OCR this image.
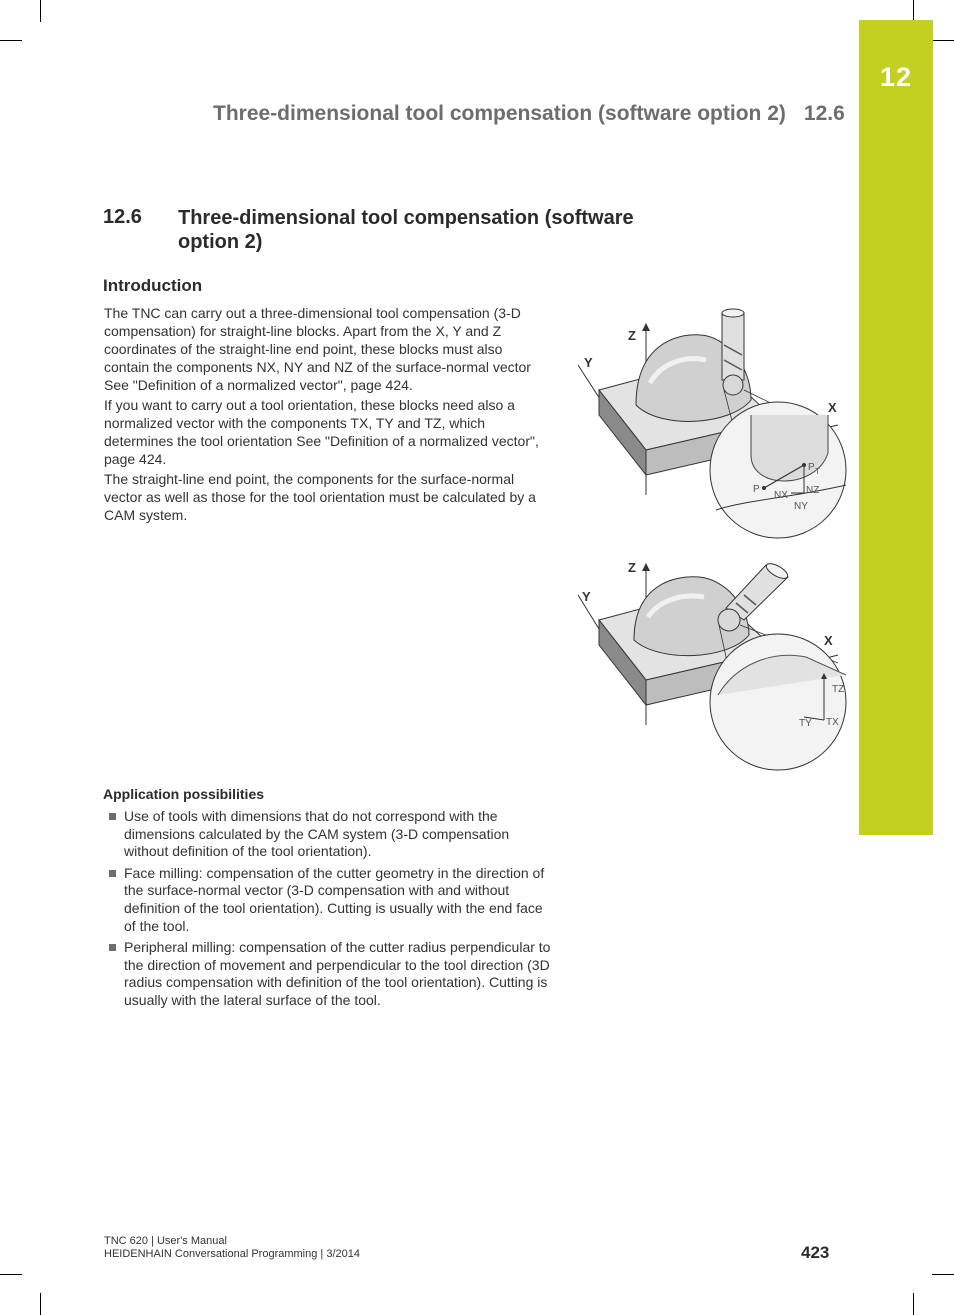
12
Three-dimensional tool compensation (software option 2) 12.6
12.6 Three-dimensional tool compensation (software option 2)
Introduction
The TNC can carry out a three-dimensional tool compensation (3-D compensation) for straight-line blocks. Apart from the X, Y and Z coordinates of the straight-line end point, these blocks must also contain the components NX, NY and NZ of the surface-normal vector See "Definition of a normalized vector", page 424.
If you want to carry out a tool orientation, these blocks need also a normalized vector with the components TX, TY and TZ, which determines the tool orientation See "Definition of a normalized vector", page 424.
The straight-line end point, the components for the surface-normal vector as well as those for the tool orientation must be calculated by a CAM system.
Z
Y
X
P
P T
NX NZ
NY
Z
Y
X
TZ
TY TX
Application possibilities
Use of tools with dimensions that do not correspond with the dimensions calculated by the CAM system (3-D compensation without definition of the tool orientation).
Face milling: compensation of the cutter geometry in the direction of the surface-normal vector (3-D compensation with and without definition of the tool orientation). Cutting is usually with the end face of the tool.
Peripheral milling: compensation of the cutter radius perpendicular to the direction of movement and perpendicular to the tool direction (3D radius compensation with definition of the tool orientation). Cutting is usually with the lateral surface of the tool.
TNC 620 | User's Manual
HEIDENHAIN Conversational Programming | 3/2014	423
